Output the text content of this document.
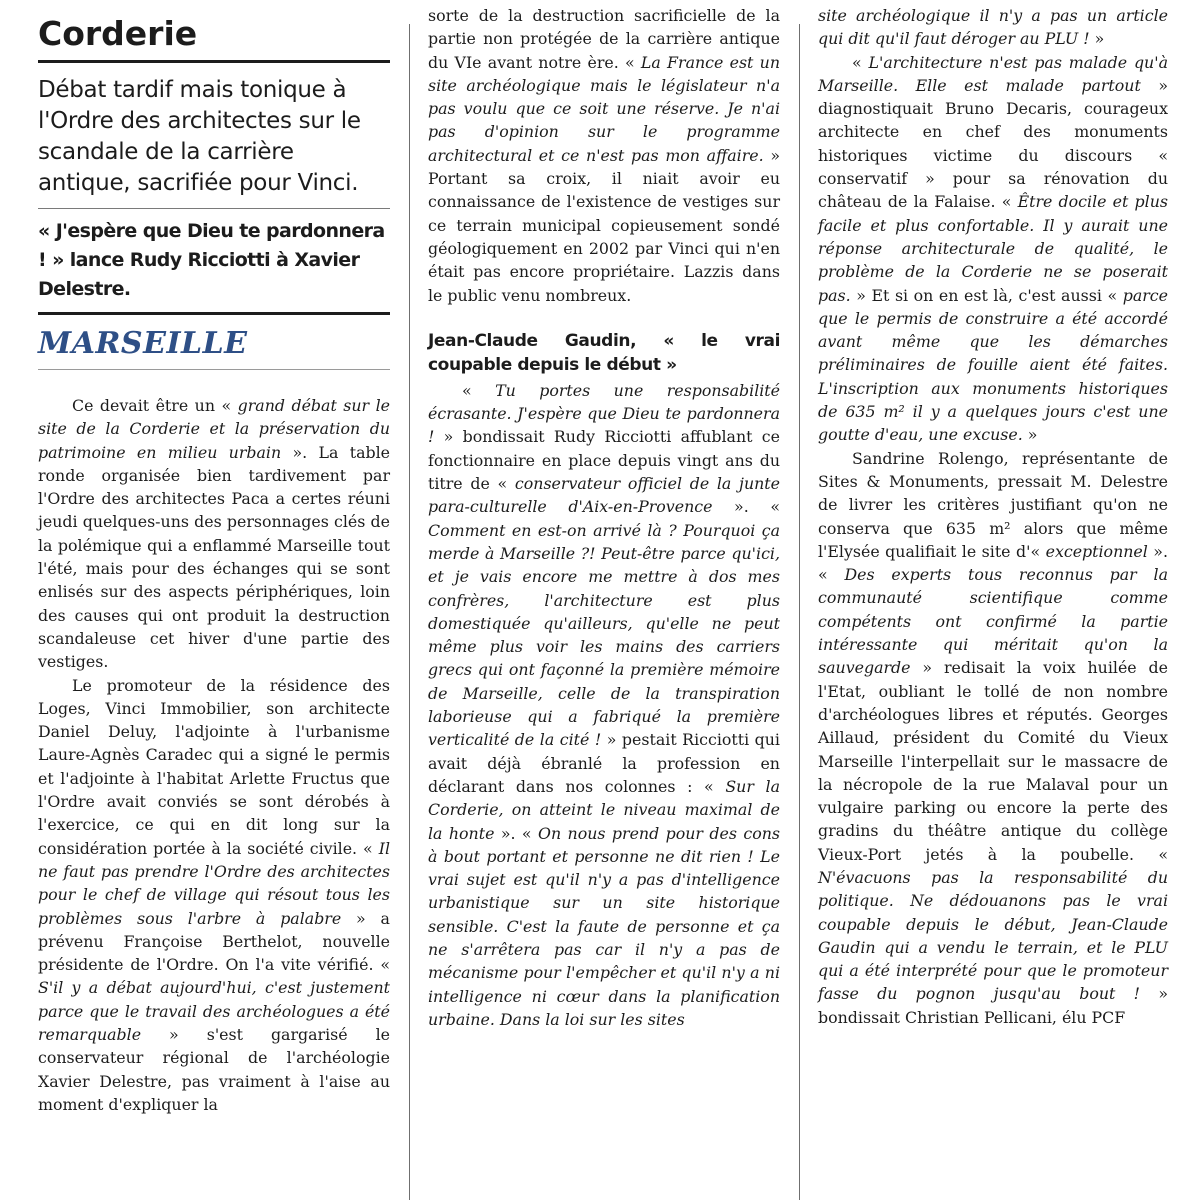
Corderie
Débat tardif mais tonique à l'Ordre des architectes sur le scandale de la carrière antique, sacrifiée pour Vinci.
« J'espère que Dieu te pardonnera ! » lance Rudy Ricciotti à Xavier Delestre.
MARSEILLE

Ce devait être un « grand débat sur le site de la Corderie et la préservation du patrimoine en milieu urbain ». La table ronde organisée bien tardivement par l'Ordre des architectes Paca a certes réuni jeudi quelques-uns des personnages clés de la polémique qui a enflammé Marseille tout l'été, mais pour des échanges qui se sont enlisés sur des aspects périphériques, loin des causes qui ont produit la destruction scandaleuse cet hiver d'une partie des vestiges.

Le promoteur de la résidence des Loges, Vinci Immobilier, son architecte Daniel Deluy, l'adjointe à l'urbanisme Laure-Agnès Caradec qui a signé le permis et l'adjointe à l'habitat Arlette Fructus que l'Ordre avait conviés se sont dérobés à l'exercice, ce qui en dit long sur la considération portée à la société civile. « Il ne faut pas prendre l'Ordre des architectes pour le chef de village qui résout tous les problèmes sous l'arbre à palabre » a prévenu Françoise Berthelot, nouvelle présidente de l'Ordre. On l'a vite vérifié. « S'il y a débat aujourd'hui, c'est justement parce que le travail des archéologues a été remarquable » s'est gargarisé le conservateur régional de l'archéologie Xavier Delestre, pas vraiment à l'aise au moment d'expliquer la

sorte de la destruction sacrificielle de la partie non protégée de la carrière antique du VIe avant notre ère. « La France est un site archéologique mais le législateur n'a pas voulu que ce soit une réserve. Je n'ai pas d'opinion sur le programme architectural et ce n'est pas mon affaire. » Portant sa croix, il niait avoir eu connaissance de l'existence de vestiges sur ce terrain municipal copieusement sondé géologiquement en 2002 par Vinci qui n'en était pas encore propriétaire. Lazzis dans le public venu nombreux.

Jean-Claude Gaudin, « le vrai coupable depuis le début »

« Tu portes une responsabilité écrasante. J'espère que Dieu te pardonnera ! » bondissait Rudy Ricciotti affublant ce fonctionnaire en place depuis vingt ans du titre de « conservateur officiel de la junte para-culturelle d'Aix-en-Provence ». « Comment en est-on arrivé là ? Pourquoi ça merde à Marseille ?! Peut-être parce qu'ici, et je vais encore me mettre à dos mes confrères, l'architecture est plus domestiquée qu'ailleurs, qu'elle ne peut même plus voir les mains des carriers grecs qui ont façonné la première mémoire de Marseille, celle de la transpiration laborieuse qui a fabriqué la première verticalité de la cité ! » pestait Ricciotti qui avait déjà ébranlé la profession en déclarant dans nos colonnes : « Sur la Corderie, on atteint le niveau maximal de la honte ». « On nous prend pour des cons à bout portant et personne ne dit rien ! Le vrai sujet est qu'il n'y a pas d'intelligence urbanistique sur un site historique sensible. C'est la faute de personne et ça ne s'arrêtera pas car il n'y a pas de mécanisme pour l'empêcher et qu'il n'y a ni intelligence ni cœur dans la planification urbaine. Dans la loi sur les sites

site archéologique il n'y a pas un article qui dit qu'il faut déroger au PLU ! »

« L'architecture n'est pas malade qu'à Marseille. Elle est malade partout » diagnostiquait Bruno Decaris, courageux architecte en chef des monuments historiques victime du discours « conservatif » pour sa rénovation du château de la Falaise. « Être docile et plus facile et plus confortable. Il y aurait une réponse architecturale de qualité, le problème de la Corderie ne se poserait pas. » Et si on en est là, c'est aussi « parce que le permis de construire a été accordé avant même que les démarches préliminaires de fouille aient été faites. L'inscription aux monuments historiques de 635 m² il y a quelques jours c'est une goutte d'eau, une excuse. »

Sandrine Rolengo, représentante de Sites & Monuments, pressait M. Delestre de livrer les critères justifiant qu'on ne conserva que 635 m² alors que même l'Elysée qualifiait le site d'« exceptionnel ». « Des experts tous reconnus par la communauté scientifique comme compétents ont confirmé la partie intéressante qui méritait qu'on la sauvegarde » redisait la voix huilée de l'Etat, oubliant le tollé de non nombre d'archéologues libres et réputés. Georges Aillaud, président du Comité du Vieux Marseille l'interpellait sur le massacre de la nécropole de la rue Malaval pour un vulgaire parking ou encore la perte des gradins du théâtre antique du collège Vieux-Port jetés à la poubelle. « N'évacuons pas la responsabilité du politique. Ne dédouanons pas le vrai coupable depuis le début, Jean-Claude Gaudin qui a vendu le terrain, et le PLU qui a été interprété pour que le promoteur fasse du pognon jusqu'au bout ! » bondissait Christian Pellicani, élu PCF
